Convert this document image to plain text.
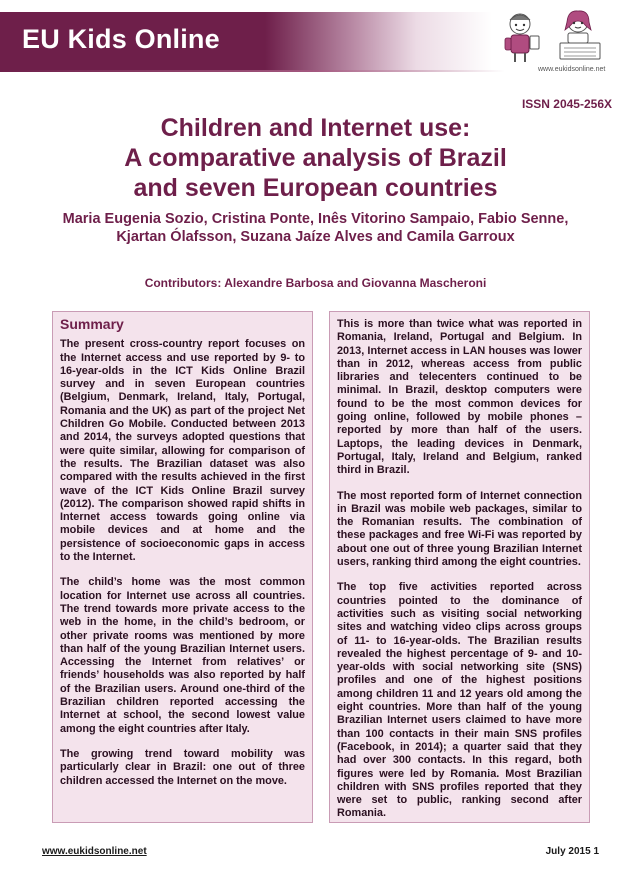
EU Kids Online
www.eukidsonline.net
ISSN 2045-256X
Children and Internet use:
A comparative analysis of Brazil
and seven European countries
Maria Eugenia Sozio, Cristina Ponte, Inês Vitorino Sampaio, Fabio Senne,
Kjartan Ólafsson, Suzana Jaíze Alves and Camila Garroux
Contributors: Alexandre Barbosa and Giovanna Mascheroni
Summary

The present cross-country report focuses on the Internet access and use reported by 9- to 16-year-olds in the ICT Kids Online Brazil survey and in seven European countries (Belgium, Denmark, Ireland, Italy, Portugal, Romania and the UK) as part of the project Net Children Go Mobile. Conducted between 2013 and 2014, the surveys adopted questions that were quite similar, allowing for comparison of the results. The Brazilian dataset was also compared with the results achieved in the first wave of the ICT Kids Online Brazil survey (2012). The comparison showed rapid shifts in Internet access towards going online via mobile devices and at home and the persistence of socioeconomic gaps in access to the Internet.

The child’s home was the most common location for Internet use across all countries. The trend towards more private access to the web in the home, in the child’s bedroom, or other private rooms was mentioned by more than half of the young Brazilian Internet users. Accessing the Internet from relatives’ or friends’ households was also reported by half of the Brazilian users. Around one-third of the Brazilian children reported accessing the Internet at school, the second lowest value among the eight countries after Italy.

The growing trend toward mobility was particularly clear in Brazil: one out of three children accessed the Internet on the move.

This is more than twice what was reported in Romania, Ireland, Portugal and Belgium. In 2013, Internet access in LAN houses was lower than in 2012, whereas access from public libraries and telecenters continued to be minimal. In Brazil, desktop computers were found to be the most common devices for going online, followed by mobile phones – reported by more than half of the users. Laptops, the leading devices in Denmark, Portugal, Italy, Ireland and Belgium, ranked third in Brazil.

The most reported form of Internet connection in Brazil was mobile web packages, similar to the Romanian results. The combination of these packages and free Wi-Fi was reported by about one out of three young Brazilian Internet users, ranking third among the eight countries.

The top five activities reported across countries pointed to the dominance of activities such as visiting social networking sites and watching video clips across groups of 11- to 16-year-olds. The Brazilian results revealed the highest percentage of 9- and 10-year-olds with social networking site (SNS) profiles and one of the highest positions among children 11 and 12 years old among the eight countries. More than half of the young Brazilian Internet users claimed to have more than 100 contacts in their main SNS profiles (Facebook, in 2014); a quarter said that they had over 300 contacts. In this regard, both figures were led by Romania. Most Brazilian children with SNS profiles reported that they were set to public, ranking second after Romania.

www.eukidsonline.net	July 2015 1
